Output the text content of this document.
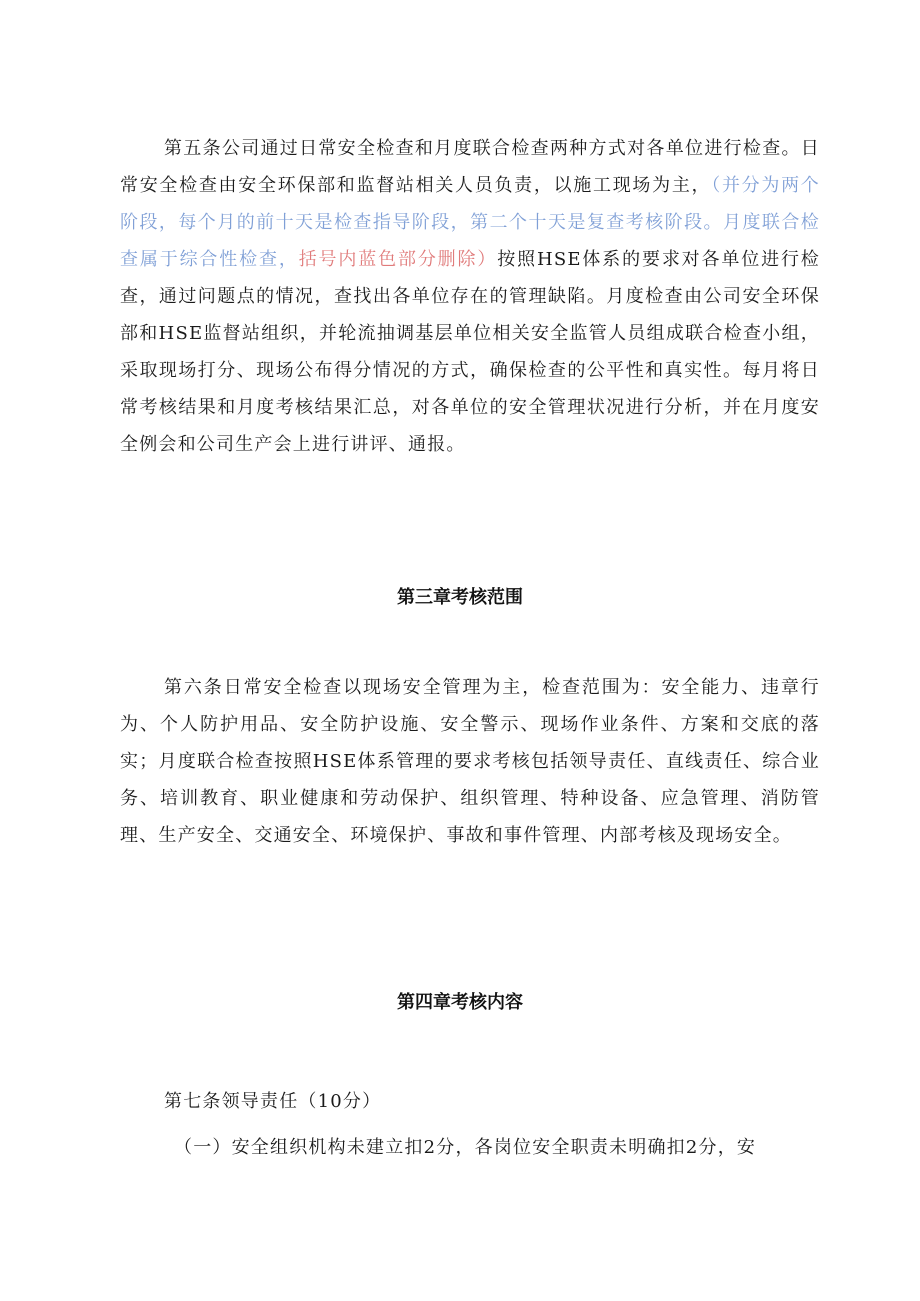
第五条公司通过日常安全检查和月度联合检查两种方式对各单位进行检查。日常安全检查由安全环保部和监督站相关人员负责，以施工现场为主，（并分为两个阶段，每个月的前十天是检查指导阶段，第二个十天是复查考核阶段。月度联合检查属于综合性检查，括号内蓝色部分删除）按照HSE体系的要求对各单位进行检查，通过问题点的情况，查找出各单位存在的管理缺陷。月度检查由公司安全环保部和HSE监督站组织，并轮流抽调基层单位相关安全监管人员组成联合检查小组，采取现场打分、现场公布得分情况的方式，确保检查的公平性和真实性。每月将日常考核结果和月度考核结果汇总，对各单位的安全管理状况进行分析，并在月度安全例会和公司生产会上进行讲评、通报。

第三章考核范围

第六条日常安全检查以现场安全管理为主，检查范围为：安全能力、违章行为、个人防护用品、安全防护设施、安全警示、现场作业条件、方案和交底的落实；月度联合检查按照HSE体系管理的要求考核包括领导责任、直线责任、综合业务、培训教育、职业健康和劳动保护、组织管理、特种设备、应急管理、消防管理、生产安全、交通安全、环境保护、事故和事件管理、内部考核及现场安全。

第四章考核内容

第七条领导责任（10分）

（一）安全组织机构未建立扣2分，各岗位安全职责未明确扣2分，安
